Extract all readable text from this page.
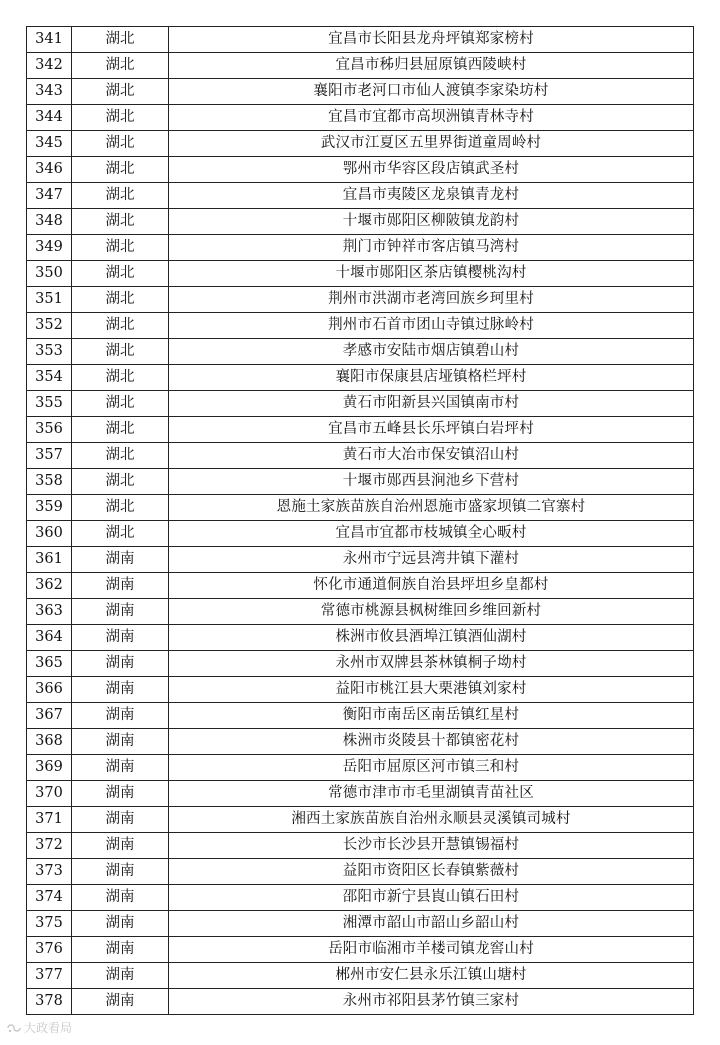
341	湖北	宜昌市长阳县龙舟坪镇郑家榜村
342	湖北	宜昌市秭归县屈原镇西陵峡村
343	湖北	襄阳市老河口市仙人渡镇李家染坊村
344	湖北	宜昌市宜都市高坝洲镇青林寺村
345	湖北	武汉市江夏区五里界街道童周岭村
346	湖北	鄂州市华容区段店镇武圣村
347	湖北	宜昌市夷陵区龙泉镇青龙村
348	湖北	十堰市郧阳区柳陂镇龙韵村
349	湖北	荆门市钟祥市客店镇马湾村
350	湖北	十堰市郧阳区茶店镇樱桃沟村
351	湖北	荆州市洪湖市老湾回族乡珂里村
352	湖北	荆州市石首市团山寺镇过脉岭村
353	湖北	孝感市安陆市烟店镇碧山村
354	湖北	襄阳市保康县店垭镇格栏坪村
355	湖北	黄石市阳新县兴国镇南市村
356	湖北	宜昌市五峰县长乐坪镇白岩坪村
357	湖北	黄石市大冶市保安镇沼山村
358	湖北	十堰市郧西县涧池乡下营村
359	湖北	恩施土家族苗族自治州恩施市盛家坝镇二官寨村
360	湖北	宜昌市宜都市枝城镇全心畈村
361	湖南	永州市宁远县湾井镇下灌村
362	湖南	怀化市通道侗族自治县坪坦乡皇都村
363	湖南	常德市桃源县枫树维回乡维回新村
364	湖南	株洲市攸县酒埠江镇酒仙湖村
365	湖南	永州市双牌县茶林镇桐子坳村
366	湖南	益阳市桃江县大栗港镇刘家村
367	湖南	衡阳市南岳区南岳镇红星村
368	湖南	株洲市炎陵县十都镇密花村
369	湖南	岳阳市屈原区河市镇三和村
370	湖南	常德市津市市毛里湖镇青苗社区
371	湖南	湘西土家族苗族自治州永顺县灵溪镇司城村
372	湖南	长沙市长沙县开慧镇锡福村
373	湖南	益阳市资阳区长春镇紫薇村
374	湖南	邵阳市新宁县崀山镇石田村
375	湖南	湘潭市韶山市韶山乡韶山村
376	湖南	岳阳市临湘市羊楼司镇龙窖山村
377	湖南	郴州市安仁县永乐江镇山塘村
378	湖南	永州市祁阳县茅竹镇三家村
大政看局
